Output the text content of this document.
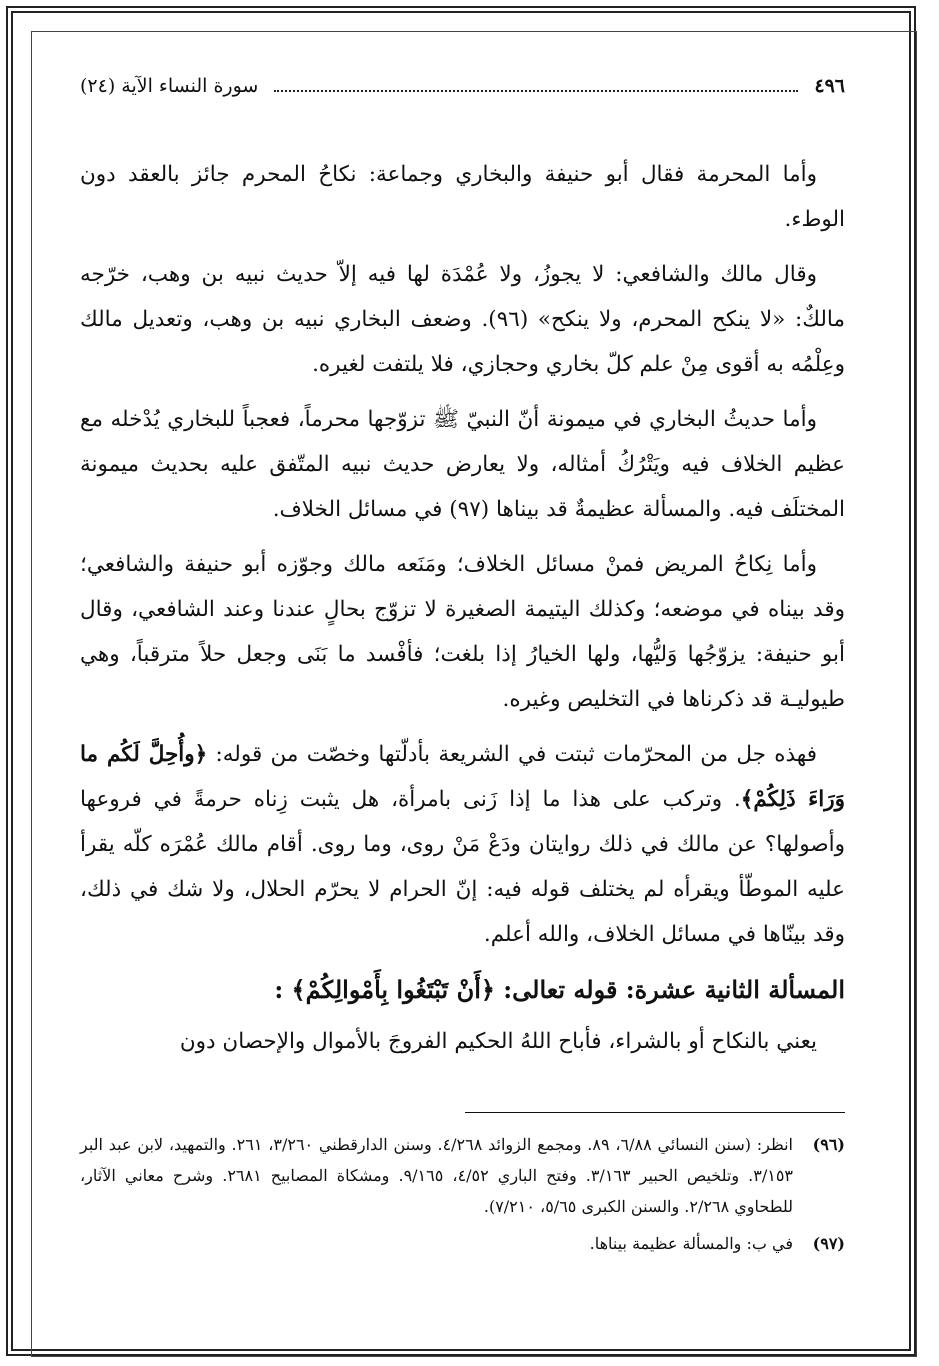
٤٩٦
سورة النساء الآية (٢٤)

وأما المحرمة فقال أبو حنيفة والبخاري وجماعة: نكاحُ المحرم جائز بالعقد دون الوطء.

وقال مالك والشافعي: لا يجوزُ، ولا عُمْدَة لها فيه إلاّ حديث نبيه بن وهب، خرّجه مالكٌ: «لا ينكح المحرم، ولا ينكح» (٩٦). وضعف البخاري نبيه بن وهب، وتعديل مالك وعِلْمُه به أقوى مِنْ علم كلّ بخاري وحجازي، فلا يلتفت لغيره.

وأما حديثُ البخاري في ميمونة أنّ النبيّ ﷺ تزوّجها محرماً، فعجباً للبخاري يُدْخله مع عظيم الخلاف فيه ويَتْرُكُ أمثاله، ولا يعارض حديث نبيه المتّفق عليه بحديث ميمونة المختلَف فيه. والمسألة عظيمةٌ قد بيناها (٩٧) في مسائل الخلاف.

وأما نِكاحُ المريض فمنْ مسائل الخلاف؛ ومَنَعه مالك وجوّزه أبو حنيفة والشافعي؛ وقد بيناه في موضعه؛ وكذلك اليتيمة الصغيرة لا تزوّج بحالٍ عندنا وعند الشافعي، وقال أبو حنيفة: يزوّجُها وَليُّها، ولها الخيارُ إذا بلغت؛ فأفْسد ما بَنَى وجعل حلاً مترقباً، وهي طيوليـة قد ذكرناها في التخليص وغيره.

فهذه جل من المحرّمات ثبتت في الشريعة بأدلّتها وخصّت من قوله: ﴿وأُحِلَّ لَكُم ما وَرَاءَ ذَلِكُمْ﴾. وتركب على هذا ما إذا زَنى بامرأة، هل يثبت زِناه حرمةً في فروعها وأصولها؟ عن مالك في ذلك روايتان ودَعْ مَنْ روى، وما روى. أقام مالك عُمْرَه كلّه يقرأ عليه الموطّأ ويقرأه لم يختلف قوله فيه: إنّ الحرام لا يحرّم الحلال، ولا شك في ذلك، وقد بينّاها في مسائل الخلاف، والله أعلم.

المسألة الثانية عشرة: قوله تعالى: ﴿أَنْ تَبْتَغُوا بِأَمْوالِكُمْ﴾ :

يعني بالنكاح أو بالشراء، فأباح اللهُ الحكيم الفروجَ بالأموال والإحصان دون

(٩٦)
انظر: (سنن النسائي ٦/٨٨، ٨٩. ومجمع الزوائد ٤/٢٦٨. وسنن الدارقطني ٣/٢٦٠، ٢٦١. والتمهيد، لابن عبد البر ٣/١٥٣. وتلخيص الحبير ٣/١٦٣. وفتح الباري ٤/٥٢، ٩/١٦٥. ومشكاة المصابيح ٢٦٨١. وشرح معاني الآثار، للطحاوي ٢/٢٦٨. والسنن الكبرى ٥/٦٥، ٧/٢١٠).
(٩٧)
في ب: والمسألة عظيمة بيناها.
